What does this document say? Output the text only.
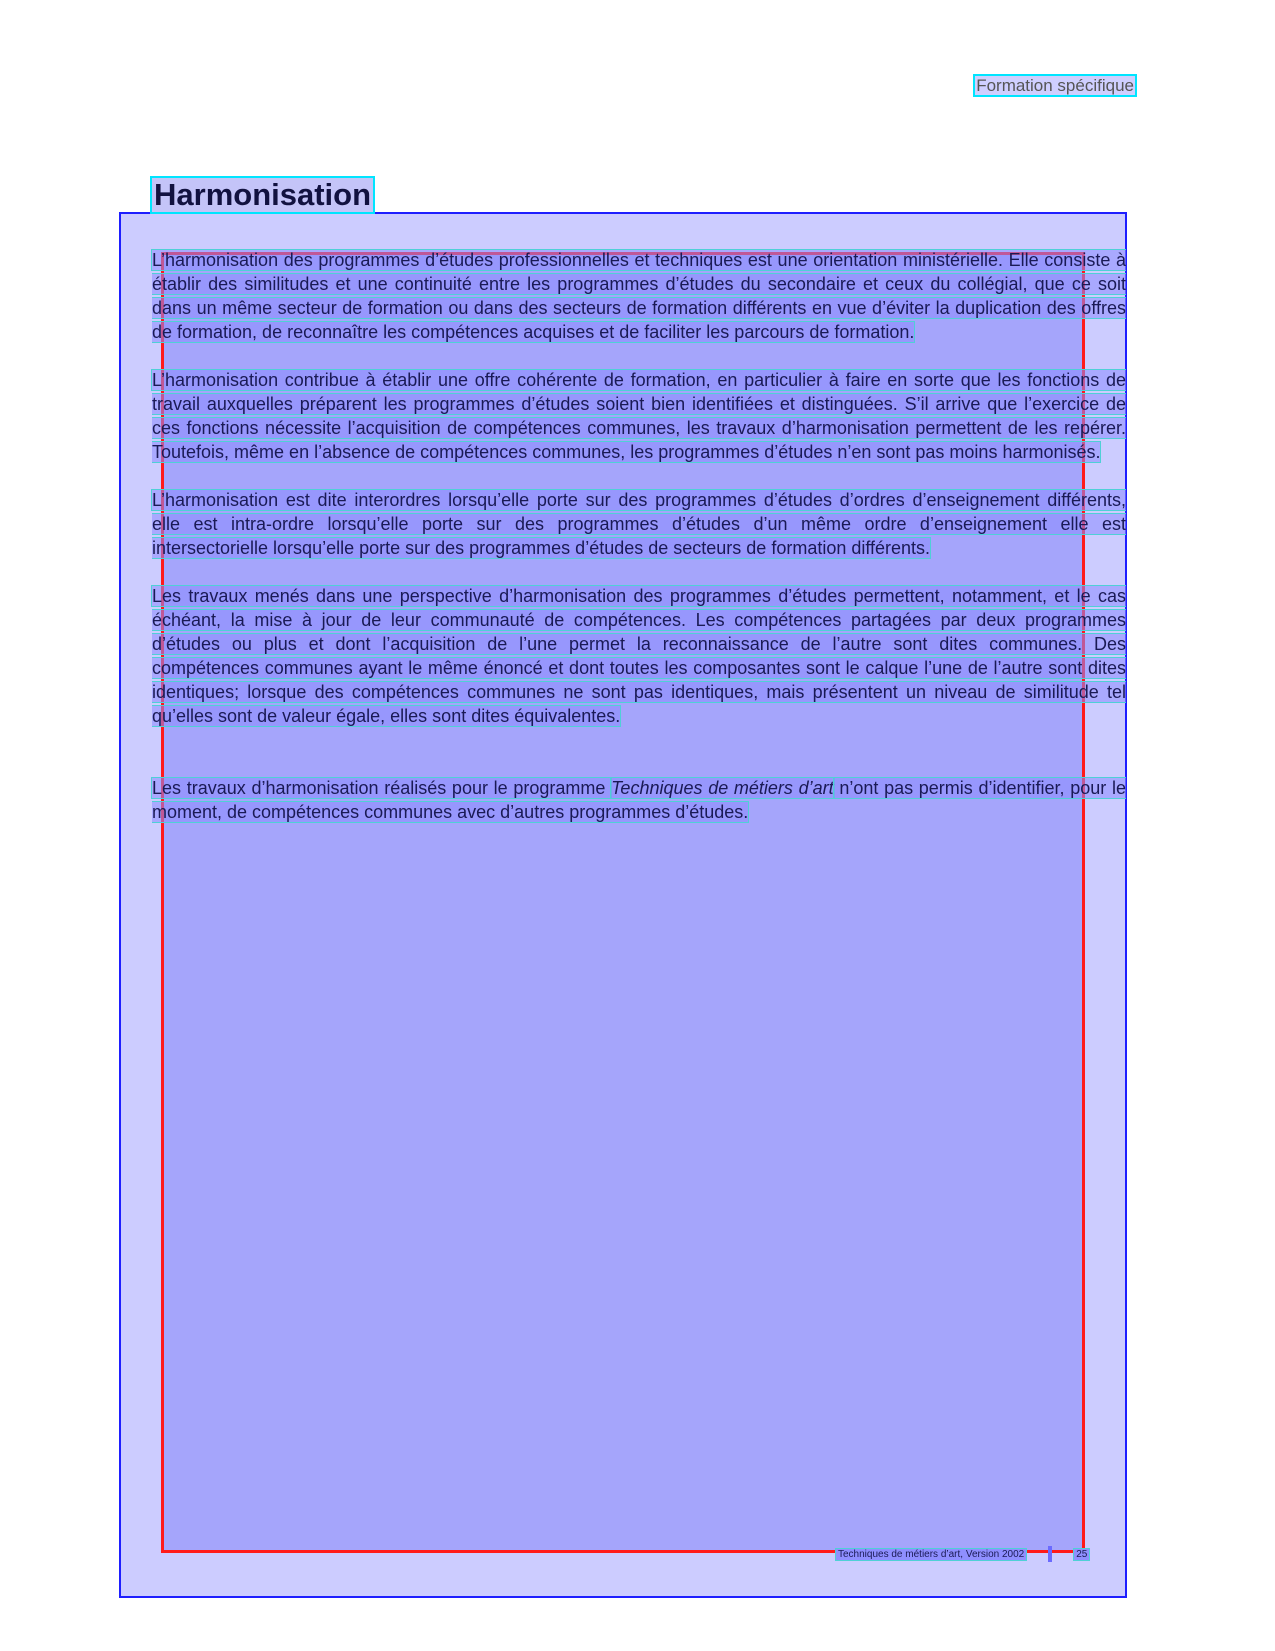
Formation spécifique
Harmonisation

L’harmonisation des programmes d’études professionnelles et techniques est une orientation ministérielle. Elle consiste à établir des similitudes et une continuité entre les programmes d’études du secondaire et ceux du collégial, que ce soit dans un même secteur de formation ou dans des secteurs de formation différents en vue d’éviter la duplication des offres de formation, de reconnaître les compétences acquises et de faciliter les parcours de formation.

L’harmonisation contribue à établir une offre cohérente de formation, en particulier à faire en sorte que les fonctions de travail auxquelles préparent les programmes d’études soient bien identifiées et distinguées. S’il arrive que l’exercice de ces fonctions nécessite l’acquisition de compétences communes, les travaux d’harmonisation permettent de les repérer. Toutefois, même en l’absence de compétences communes, les programmes d’études n’en sont pas moins harmonisés.

L’harmonisation est dite interordres lorsqu’elle porte sur des programmes d’études d’ordres d’enseignement différents, elle est intra-ordre lorsqu’elle porte sur des programmes d’études d’un même ordre d’enseignement elle est intersectorielle lorsqu’elle porte sur des programmes d’études de secteurs de formation différents.

Les travaux menés dans une perspective d’harmonisation des programmes d’études permettent, notamment, et le cas échéant, la mise à jour de leur communauté de compétences. Les compétences partagées par deux programmes d’études ou plus et dont l’acquisition de l’une permet la reconnaissance de l’autre sont dites communes. Des compétences communes ayant le même énoncé et dont toutes les composantes sont le calque l’une de l’autre sont dites identiques; lorsque des compétences communes ne sont pas identiques, mais présentent un niveau de similitude tel qu’elles sont de valeur égale, elles sont dites équivalentes.

Les travaux d’harmonisation réalisés pour le programme Techniques de métiers d’art n’ont pas permis d’identifier, pour le moment, de compétences communes avec d’autres programmes d’études.

Techniques de métiers d’art, Version 2002	25
